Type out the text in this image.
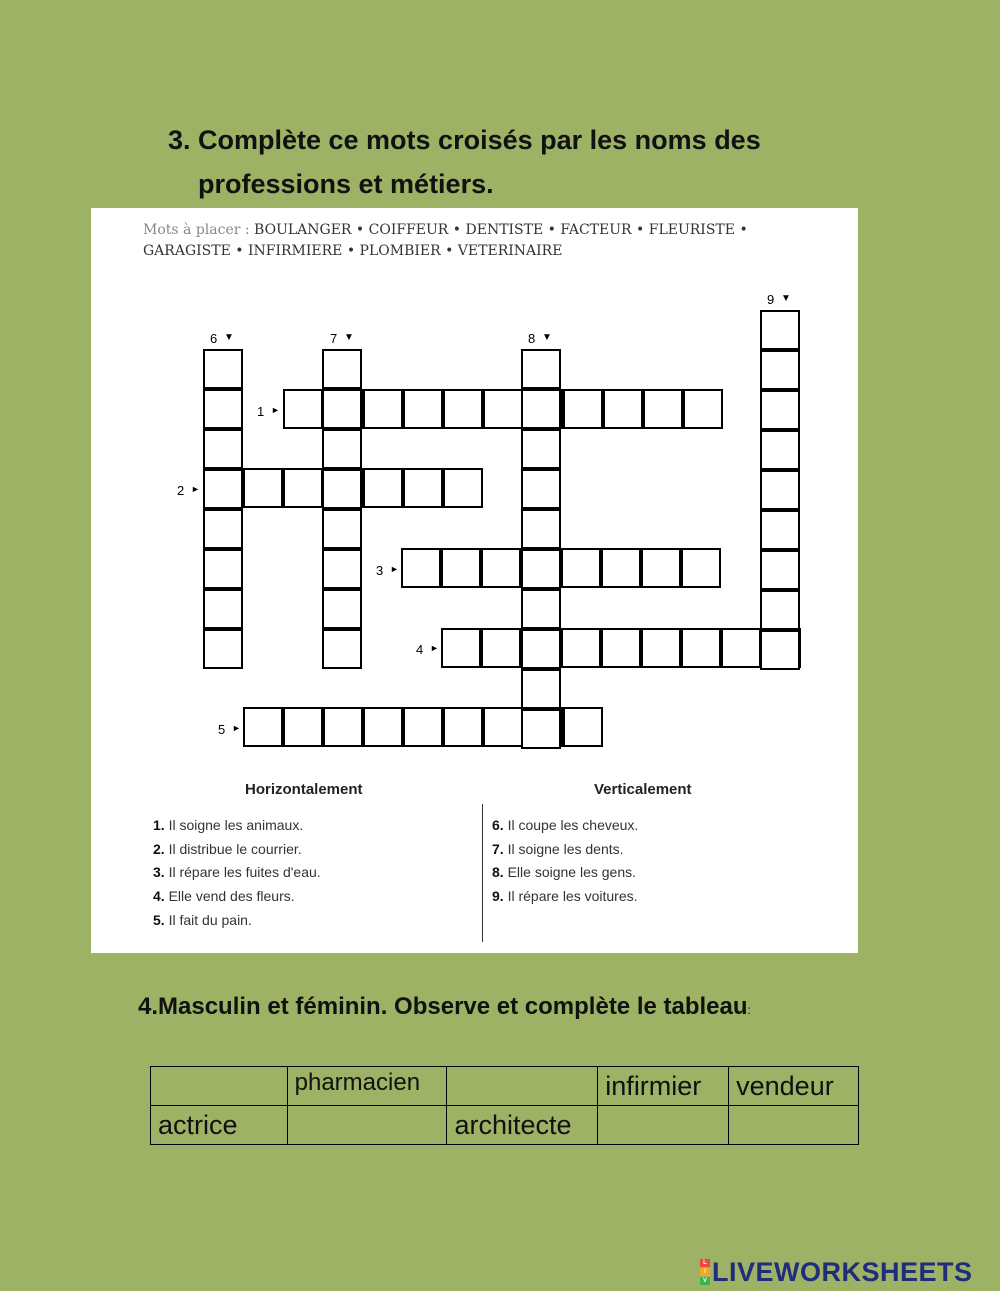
3. Complète ce mots croisés par les noms des professions et métiers.
Mots à placer : BOULANGER • COIFFEUR • DENTISTE • FACTEUR • FLEURISTE •
GARAGISTE • INFIRMIERE • PLOMBIER • VETERINAIRE
1 ►
2 ►
3 ►
4 ►
5 ►
6 ▼	7 ▼	8 ▼
9 ▼
Horizontalement	Verticalement
1. Il soigne les animaux.
2. Il distribue le courrier.
3. Il répare les fuites d'eau.
4. Elle vend des fleurs.
5. Il fait du pain.
6. Il coupe les cheveux.
7. Il soigne les dents.
8. Elle soigne les gens.
9. Il répare les voitures.
4.Masculin et féminin. Observe et complète le tableau:
	pharmacien		infirmier	vendeur
actrice		architecte		
L
I
V LIVEWORKSHEETS
